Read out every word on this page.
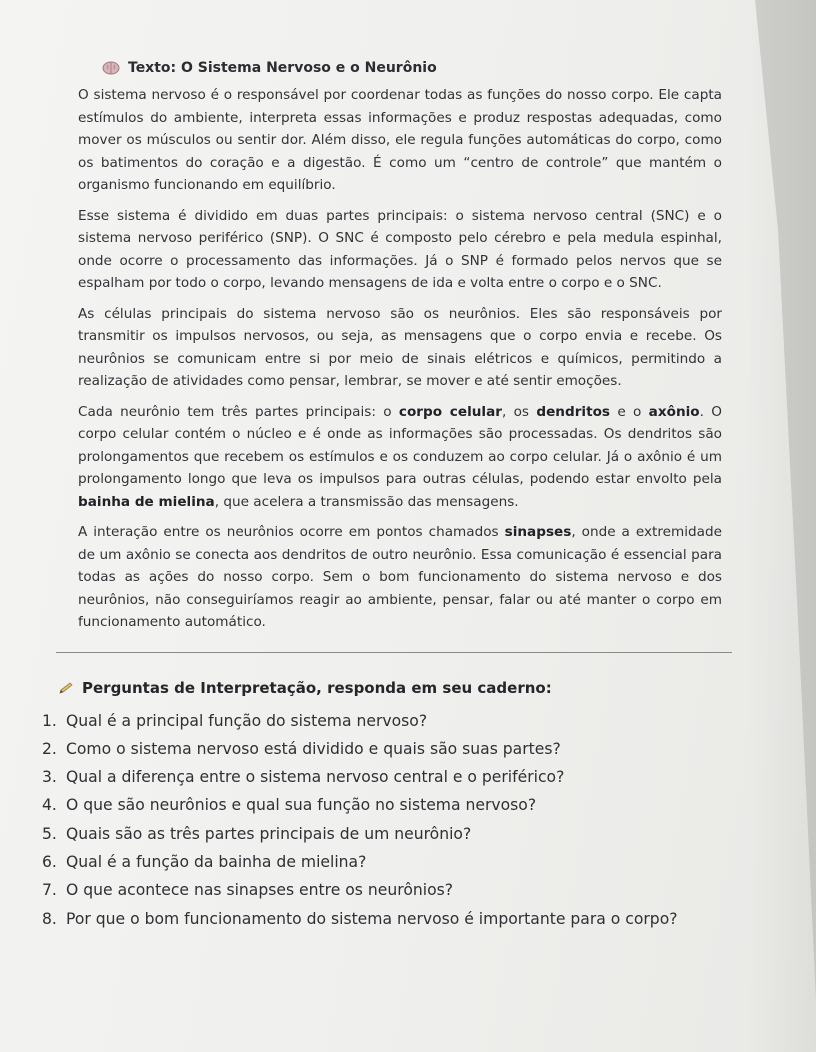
Texto: O Sistema Nervoso e o Neurônio

O sistema nervoso é o responsável por coordenar todas as funções do nosso corpo. Ele capta estímulos do ambiente, interpreta essas informações e produz respostas adequadas, como mover os músculos ou sentir dor. Além disso, ele regula funções automáticas do corpo, como os batimentos do coração e a digestão. É como um “centro de controle” que mantém o organismo funcionando em equilíbrio.

Esse sistema é dividido em duas partes principais: o sistema nervoso central (SNC) e o sistema nervoso periférico (SNP). O SNC é composto pelo cérebro e pela medula espinhal, onde ocorre o processamento das informações. Já o SNP é formado pelos nervos que se espalham por todo o corpo, levando mensagens de ida e volta entre o corpo e o SNC.

As células principais do sistema nervoso são os neurônios. Eles são responsáveis por transmitir os impulsos nervosos, ou seja, as mensagens que o corpo envia e recebe. Os neurônios se comunicam entre si por meio de sinais elétricos e químicos, permitindo a realização de atividades como pensar, lembrar, se mover e até sentir emoções.

Cada neurônio tem três partes principais: o corpo celular, os dendritos e o axônio. O corpo celular contém o núcleo e é onde as informações são processadas. Os dendritos são prolongamentos que recebem os estímulos e os conduzem ao corpo celular. Já o axônio é um prolongamento longo que leva os impulsos para outras células, podendo estar envolto pela bainha de mielina, que acelera a transmissão das mensagens.

A interação entre os neurônios ocorre em pontos chamados sinapses, onde a extremidade de um axônio se conecta aos dendritos de outro neurônio. Essa comunicação é essencial para todas as ações do nosso corpo. Sem o bom funcionamento do sistema nervoso e dos neurônios, não conseguiríamos reagir ao ambiente, pensar, falar ou até manter o corpo em funcionamento automático.

Perguntas de Interpretação, responda em seu caderno:
1. Qual é a principal função do sistema nervoso?
2. Como o sistema nervoso está dividido e quais são suas partes?
3. Qual a diferença entre o sistema nervoso central e o periférico?
4. O que são neurônios e qual sua função no sistema nervoso?
5. Quais são as três partes principais de um neurônio?
6. Qual é a função da bainha de mielina?
7. O que acontece nas sinapses entre os neurônios?
8. Por que o bom funcionamento do sistema nervoso é importante para o corpo?
